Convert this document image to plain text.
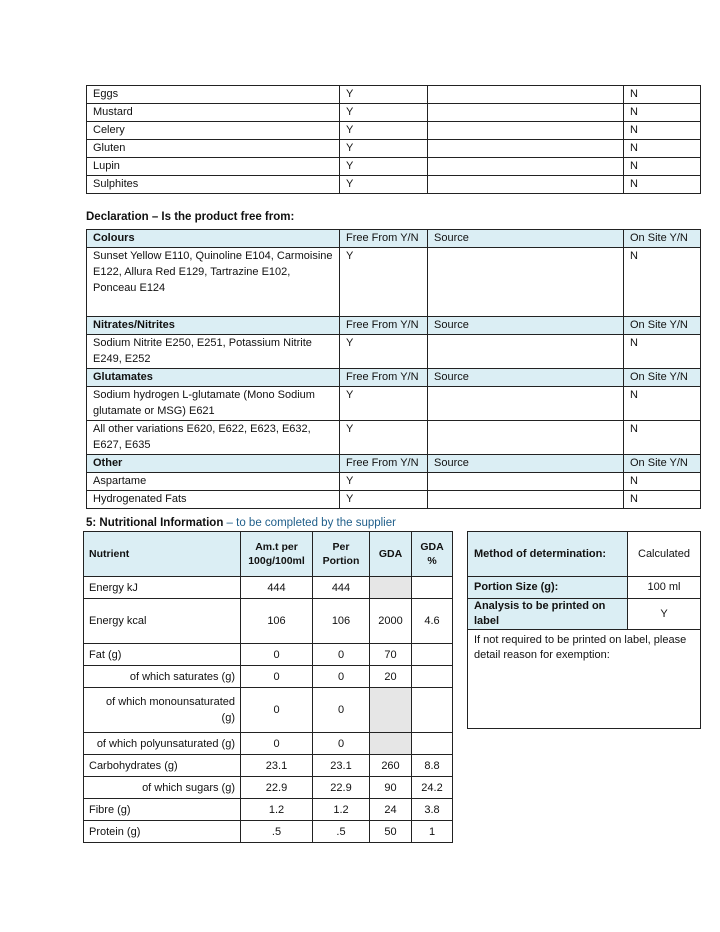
Eggs	Y		N
Mustard	Y		N
Celery	Y		N
Gluten	Y		N
Lupin	Y		N
Sulphites	Y		N
Declaration – Is the product free from:
Colours	Free From Y/N	Source	On Site Y/N
Sunset Yellow E110, Quinoline E104, Carmoisine E122, Allura Red E129, Tartrazine E102, Ponceau E124	Y		N
Nitrates/Nitrites	Free From Y/N	Source	On Site Y/N
Sodium Nitrite E250, E251, Potassium Nitrite E249, E252	Y		N
Glutamates	Free From Y/N	Source	On Site Y/N
Sodium hydrogen L-glutamate (Mono Sodium glutamate or MSG) E621	Y		N
All other variations E620, E622, E623, E632, E627, E635	Y		N
Other	Free From Y/N	Source	On Site Y/N
Aspartame	Y		N
Hydrogenated Fats	Y		N
5: Nutritional Information – to be completed by the supplier
Nutrient	Am.t per 100g/100ml	Per Portion	GDA	GDA %
Energy kJ	444	444		
Energy kcal	106	106	2000	4.6
Fat (g)	0	0	70	
of which saturates (g)	0	0	20	
of which monounsaturated (g)	0	0		
of which polyunsaturated (g)	0	0		
Carbohydrates (g)	23.1	23.1	260	8.8
of which sugars (g)	22.9	22.9	90	24.2
Fibre (g)	1.2	1.2	24	3.8
Protein (g)	.5	.5	50	1
Method of determination:	Calculated
Portion Size (g):	100 ml
Analysis to be printed on label	Y
If not required to be printed on label, please detail reason for exemption:	
